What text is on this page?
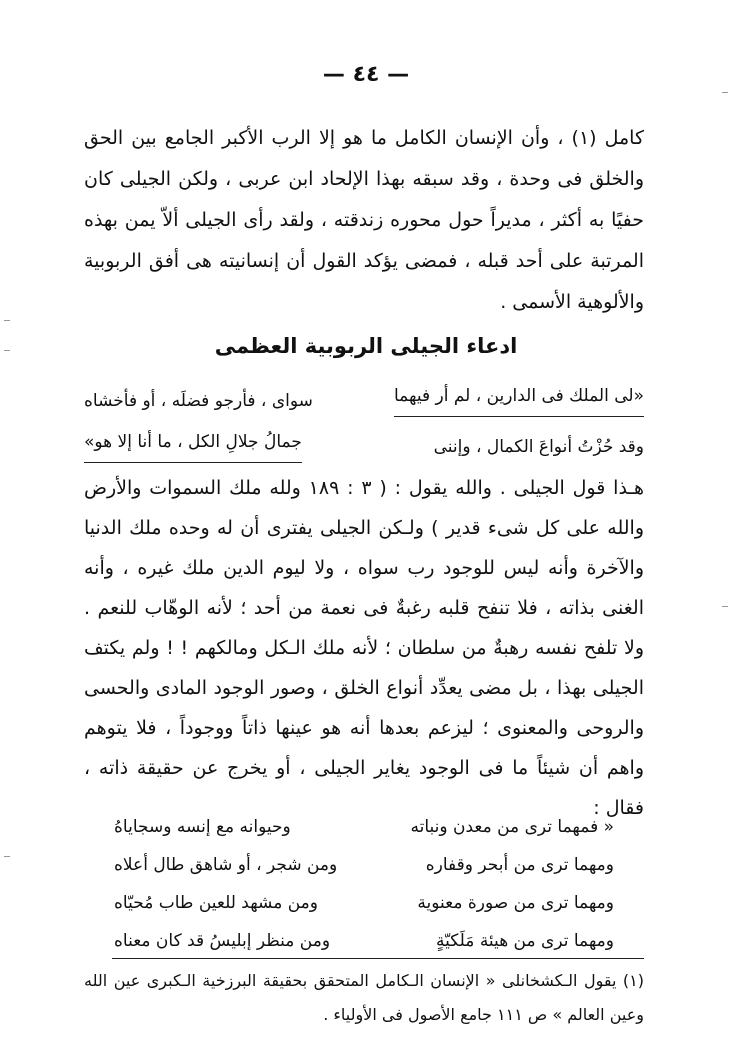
— ٤٤ —
كامل (١) ، وأن الإنسان الكامل ما هو إلا الرب الأكبر الجامع بين الحق والخلق فى وحدة ، وقد سبقه بهذا الإلحاد ابن عربى ، ولكن الجيلى كان حفيًا به أكثر ، مديراً حول محوره زندقته ، ولقد رأى الجيلى ألاّ يمن بهذه المرتبة على أحد قبله ، فمضى يؤكد القول أن إنسانيته هى أفق الربوبية والألوهية الأسمى .
ادعاء الجيلى الربوبية العظمى
«لى الملك فى الدارين ، لم أر فيهما
سواى ، فأرجو فضلَه ، أو فأخشاه
وقد حُزْتُ أنواعَ الكمال ، وإننى
جمالُ جلالِ الكل ، ما أنا إلا هو»
هـذا قول الجيلى . والله يقول : ( ٣ : ١٨٩ ولله ملك السموات والأرض والله على كل شىء قدير ) ولـكن الجيلى يفترى أن له وحده ملك الدنيا والآخرة وأنه ليس للوجود رب سواه ، ولا ليوم الدين ملك غيره ، وأنه الغنى بذاته ، فلا تنفح قلبه رغبةٌ فى نعمة من أحد ؛ لأنه الوهّاب للنعم . ولا تلفح نفسه رهبةٌ من سلطان ؛ لأنه ملك الـكل ومالكهم ! ! ولم يكتف الجيلى بهذا ، بل مضى يعدِّد أنواع الخلق ، وصور الوجود المادى والحسى والروحى والمعنوى ؛ ليزعم بعدها أنه هو عينها ذاتاً ووجوداً ، فلا يتوهم واهم أن شيئاً ما فى الوجود يغاير الجيلى ، أو يخرج عن حقيقة ذاته ، فقال :
« فمهما ترى من معدن ونباته
وحيوانه مع إنسه وسجاياهُ
ومهما ترى من أبحر وقفاره
ومن شجر ، أو شاهق طال أعلاه
ومهما ترى من صورة معنوية
ومن مشهد للعين طاب مُحيّاه
ومهما ترى من هيئة مَلَكيّةٍ
ومن منظر إبليسُ قد كان معناه
(١) يقول الـكشخانلى « الإنسان الـكامل المتحقق بحقيقة البرزخية الـكبرى عين الله وعين العالم » ص ١١١ جامع الأصول فى الأولياء .
